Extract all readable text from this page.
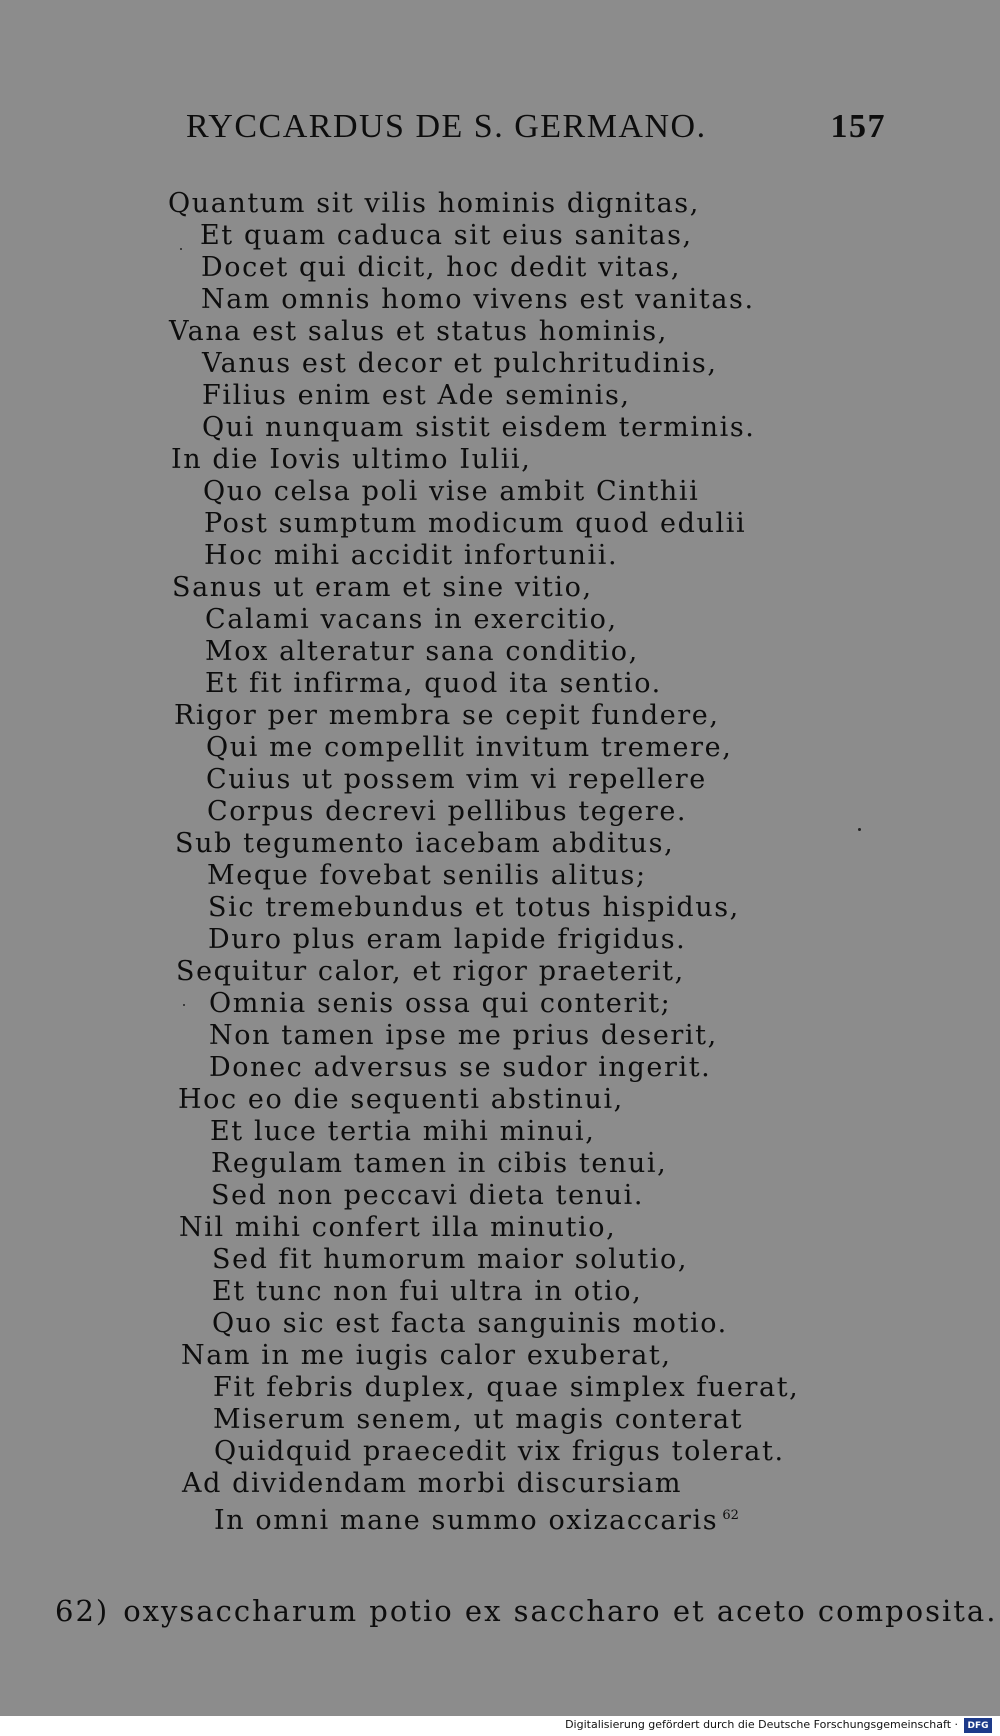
RYCCARDUS DE S. GERMANO.	157
Quantum sit vilis hominis dignitas,
Et quam caduca sit eius sanitas,
Docet qui dicit, hoc dedit vitas,
Nam omnis homo vivens est vanitas.
Vana est salus et status hominis,
Vanus est decor et pulchritudinis,
Filius enim est Ade seminis,
Qui nunquam sistit eisdem terminis.
In die Iovis ultimo Iulii,
Quo celsa poli vise ambit Cinthii
Post sumptum modicum quod edulii
Hoc mihi accidit infortunii.
Sanus ut eram et sine vitio,
Calami vacans in exercitio,
Mox alteratur sana conditio,
Et fit infirma, quod ita sentio.
Rigor per membra se cepit fundere,
Qui me compellit invitum tremere,
Cuius ut possem vim vi repellere
Corpus decrevi pellibus tegere.
Sub tegumento iacebam abditus,
Meque fovebat senilis alitus;
Sic tremebundus et totus hispidus,
Duro plus eram lapide frigidus.
Sequitur calor, et rigor praeterit,
Omnia senis ossa qui conterit;
Non tamen ipse me prius deserit,
Donec adversus se sudor ingerit.
Hoc eo die sequenti abstinui,
Et luce tertia mihi minui,
Regulam tamen in cibis tenui,
Sed non peccavi dieta tenui.
Nil mihi confert illa minutio,
Sed fit humorum maior solutio,
Et tunc non fui ultra in otio,
Quo sic est facta sanguinis motio.
Nam in me iugis calor exuberat,
Fit febris duplex, quae simplex fuerat,
Miserum senem, ut magis conterat
Quidquid praecedit vix frigus tolerat.
Ad dividendam morbi discursiam
In omni mane summo oxizaccaris $^{62}$
62) oxysaccharum potio ex sacchаro et aceto composita.
Digitalisierung gefördert durch die Deutsche Forschungsgemeinschaft ·	DFG
